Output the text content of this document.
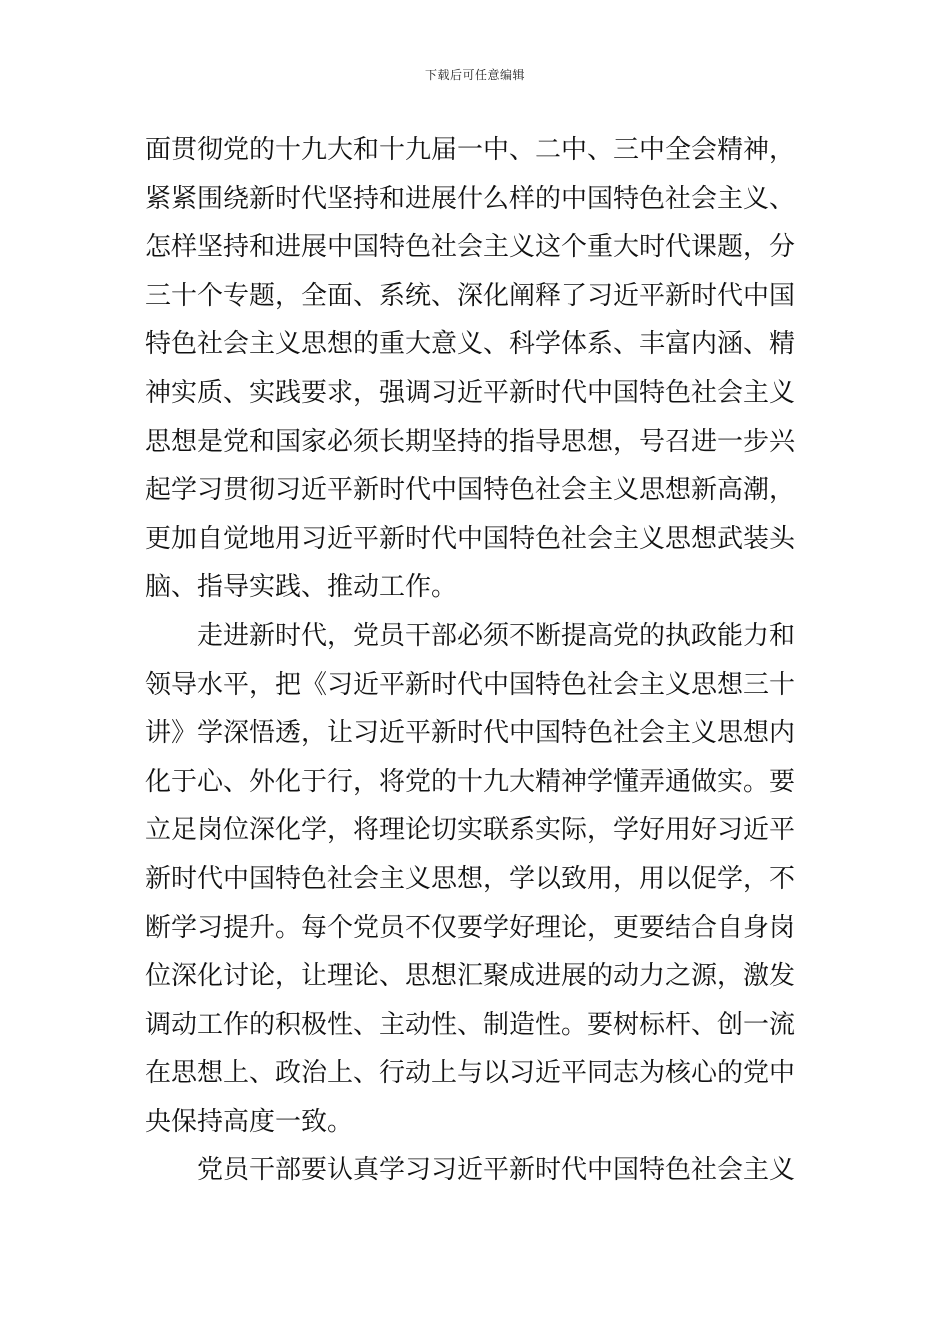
下载后可任意编辑
面贯彻党的十九大和十九届一中、二中、三中全会精神，
紧紧围绕新时代坚持和进展什么样的中国特色社会主义、
怎样坚持和进展中国特色社会主义这个重大时代课题，分
三十个专题，全面、系统、深化阐释了习近平新时代中国
特色社会主义思想的重大意义、科学体系、丰富内涵、精
神实质、实践要求，强调习近平新时代中国特色社会主义
思想是党和国家必须长期坚持的指导思想，号召进一步兴
起学习贯彻习近平新时代中国特色社会主义思想新高潮，
更加自觉地用习近平新时代中国特色社会主义思想武装头
脑、指导实践、推动工作。
走进新时代，党员干部必须不断提高党的执政能力和
领导水平，把《习近平新时代中国特色社会主义思想三十
讲》学深悟透，让习近平新时代中国特色社会主义思想内
化于心、外化于行，将党的十九大精神学懂弄通做实。要
立足岗位深化学，将理论切实联系实际，学好用好习近平
新时代中国特色社会主义思想，学以致用，用以促学，不
断学习提升。每个党员不仅要学好理论，更要结合自身岗
位深化讨论，让理论、思想汇聚成进展的动力之源，激发
调动工作的积极性、主动性、制造性。要树标杆、创一流
在思想上、政治上、行动上与以习近平同志为核心的党中
央保持高度一致。
党员干部要认真学习习近平新时代中国特色社会主义
